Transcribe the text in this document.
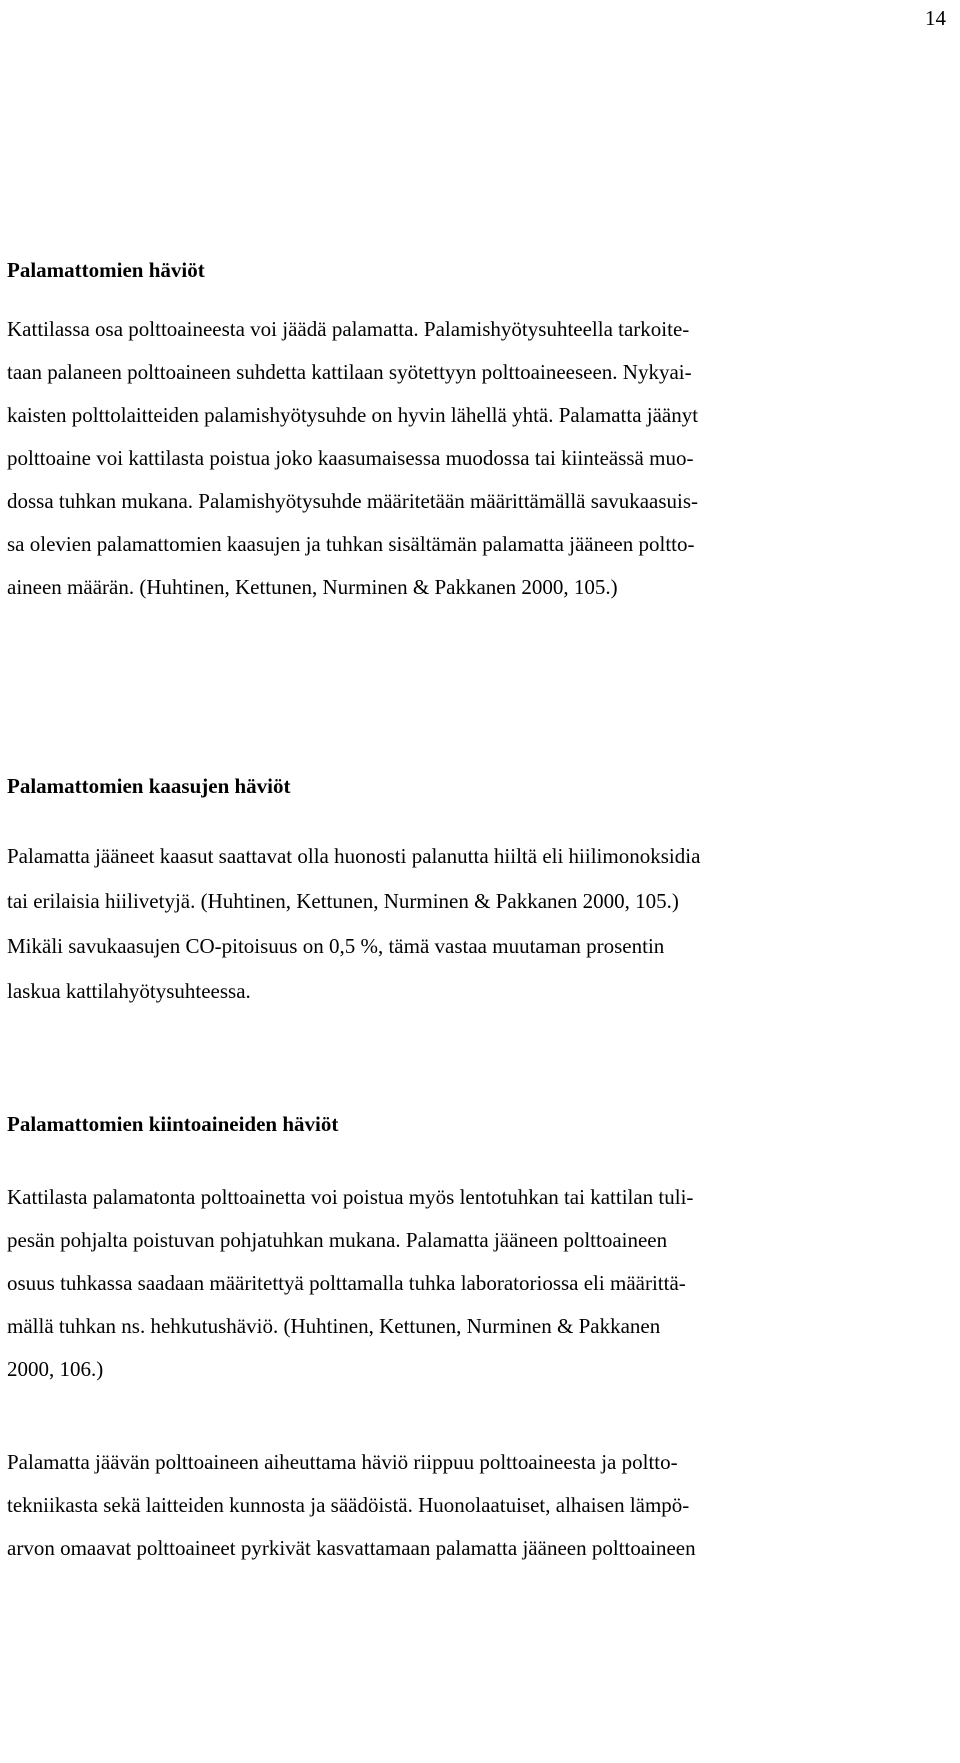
14

Palamattomien häviöt
Kattilassa osa polttoaineesta voi jäädä palamatta. Palamishyötysuhteella tarkoite-
taan palaneen polttoaineen suhdetta kattilaan syötettyyn polttoaineeseen. Nykyai-
kaisten polttolaitteiden palamishyötysuhde on hyvin lähellä yhtä. Palamatta jäänyt
polttoaine voi kattilasta poistua joko kaasumaisessa muodossa tai kiinteässä muo-
dossa tuhkan mukana. Palamishyötysuhde määritetään määrittämällä savukaasuis-
sa olevien palamattomien kaasujen ja tuhkan sisältämän palamatta jääneen poltto-
aineen määrän. (Huhtinen, Kettunen, Nurminen & Pakkanen 2000, 105.)
Palamattomien kaasujen häviöt
Palamatta jääneet kaasut saattavat olla huonosti palanutta hiiltä eli hiilimonoksidia
tai erilaisia hiilivetyjä. (Huhtinen, Kettunen, Nurminen & Pakkanen 2000, 105.)
Mikäli savukaasujen CO-pitoisuus on 0,5 %, tämä vastaa muutaman prosentin
laskua kattilahyötysuhteessa.
Palamattomien kiintoaineiden häviöt
Kattilasta palamatonta polttoainetta voi poistua myös lentotuhkan tai kattilan tuli-
pesän pohjalta poistuvan pohjatuhkan mukana. Palamatta jääneen polttoaineen
osuus tuhkassa saadaan määritettyä polttamalla tuhka laboratoriossa eli määrittä-
mällä tuhkan ns. hehkutushäviö. (Huhtinen, Kettunen, Nurminen & Pakkanen
2000, 106.)
Palamatta jäävän polttoaineen aiheuttama häviö riippuu polttoaineesta ja poltto-
tekniikasta sekä laitteiden kunnosta ja säädöistä. Huonolaatuiset, alhaisen lämpö-
arvon omaavat polttoaineet pyrkivät kasvattamaan palamatta jääneen polttoaineen
